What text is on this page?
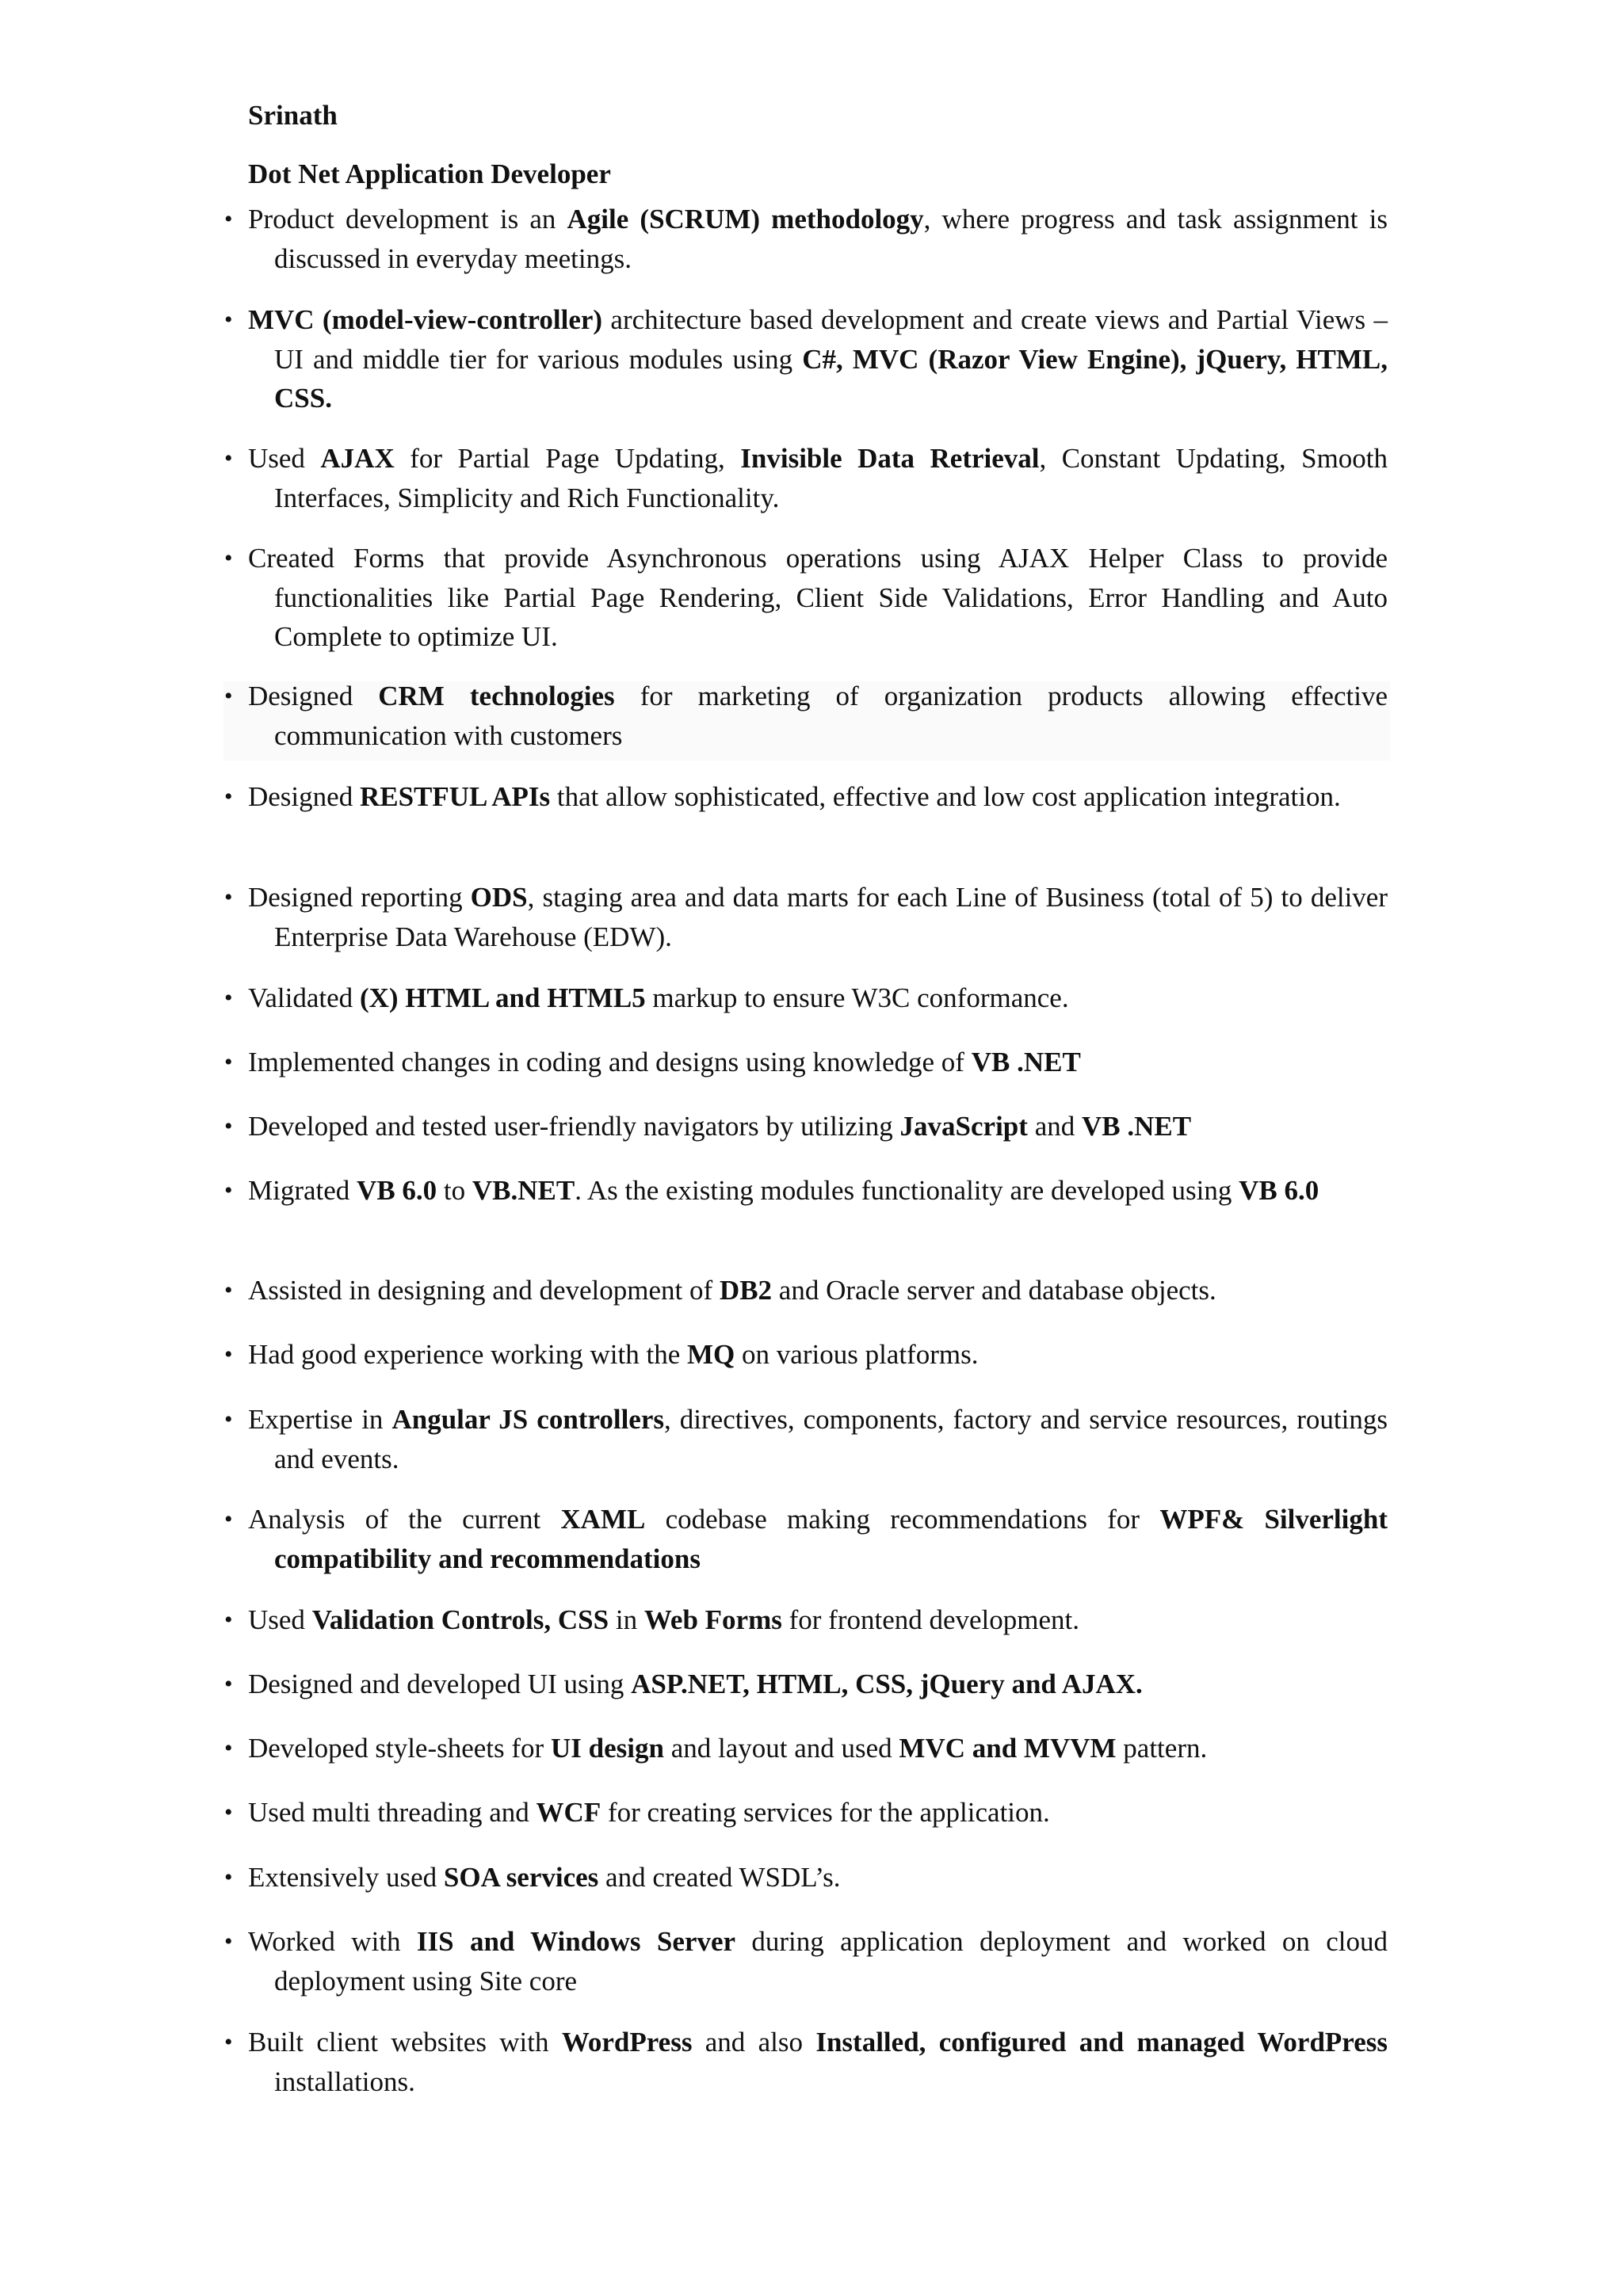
Srinath
Dot Net Application Developer
• Product development is an Agile (SCRUM) methodology, where progress and task assignment is discussed in everyday meetings.
• MVC (model-view-controller) architecture based development and create views and Partial Views – UI and middle tier for various modules using C#, MVC (Razor View Engine), jQuery, HTML, CSS.
• Used AJAX for Partial Page Updating, Invisible Data Retrieval, Constant Updating, Smooth Interfaces, Simplicity and Rich Functionality.
• Created Forms that provide Asynchronous operations using AJAX Helper Class to provide functionalities like Partial Page Rendering, Client Side Validations, Error Handling and Auto Complete to optimize UI.
• Designed CRM technologies for marketing of organization products allowing effective communication with customers
• Designed RESTFUL APIs that allow sophisticated, effective and low cost application integration.
• Designed reporting ODS, staging area and data marts for each Line of Business (total of 5) to deliver Enterprise Data Warehouse (EDW).
• Validated (X) HTML and HTML5 markup to ensure W3C conformance.
• Implemented changes in coding and designs using knowledge of VB .NET
• Developed and tested user-friendly navigators by utilizing JavaScript and VB .NET
• Migrated VB 6.0 to VB.NET. As the existing modules functionality are developed using VB 6.0
• Assisted in designing and development of DB2 and Oracle server and database objects.
• Had good experience working with the MQ on various platforms.
• Expertise in Angular JS controllers, directives, components, factory and service resources, routings and events.
• Analysis of the current XAML codebase making recommendations for WPF& Silverlight compatibility and recommendations
• Used Validation Controls, CSS in Web Forms for frontend development.
• Designed and developed UI using ASP.NET, HTML, CSS, jQuery and AJAX.
• Developed style-sheets for UI design and layout and used MVC and MVVM pattern.
• Used multi threading and WCF for creating services for the application.
• Extensively used SOA services and created WSDL’s.
• Worked with IIS and Windows Server during application deployment and worked on cloud deployment using Site core
• Built client websites with WordPress and also Installed, configured and managed WordPress installations.
